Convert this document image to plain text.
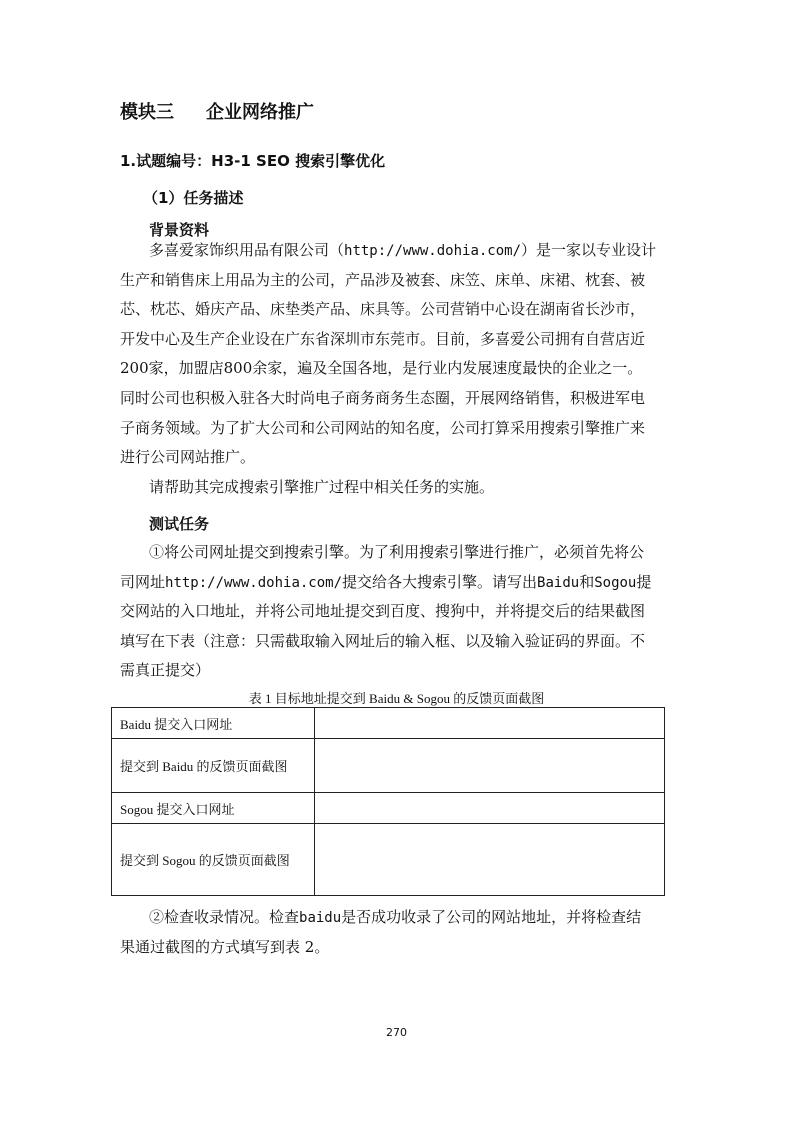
模块三 企业网络推广
1.试题编号：H3-1 SEO 搜索引擎优化
（1）任务描述
背景资料
多喜爱家饰织用品有限公司（http://www.dohia.com/）是一家以专业设计
生产和销售床上用品为主的公司，产品涉及被套、床笠、床单、床裙、枕套、被
芯、枕芯、婚庆产品、床垫类产品、床具等。公司营销中心设在湖南省长沙市，
开发中心及生产企业设在广东省深圳市东莞市。目前，多喜爱公司拥有自营店近
200家，加盟店800余家，遍及全国各地，是行业内发展速度最快的企业之一。
同时公司也积极入驻各大时尚电子商务商务生态圈，开展网络销售，积极进军电
子商务领域。为了扩大公司和公司网站的知名度，公司打算采用搜索引擎推广来
进行公司网站推广。
请帮助其完成搜索引擎推广过程中相关任务的实施。
测试任务
①将公司网址提交到搜索引擎。为了利用搜索引擎进行推广，必须首先将公
司网址http://www.dohia.com/提交给各大搜索引擎。请写出Baidu和Sogou提
交网站的入口地址，并将公司地址提交到百度、搜狗中，并将提交后的结果截图
填写在下表（注意：只需截取输入网址后的输入框、以及输入验证码的界面。不
需真正提交）
表 1 目标地址提交到 Baidu & Sogou 的反馈页面截图
Baidu 提交入口网址	
提交到 Baidu 的反馈页面截图	
Sogou 提交入口网址	
提交到 Sogou 的反馈页面截图	
②检查收录情况。检查baidu是否成功收录了公司的网站地址，并将检查结
果通过截图的方式填写到表 2。
270
